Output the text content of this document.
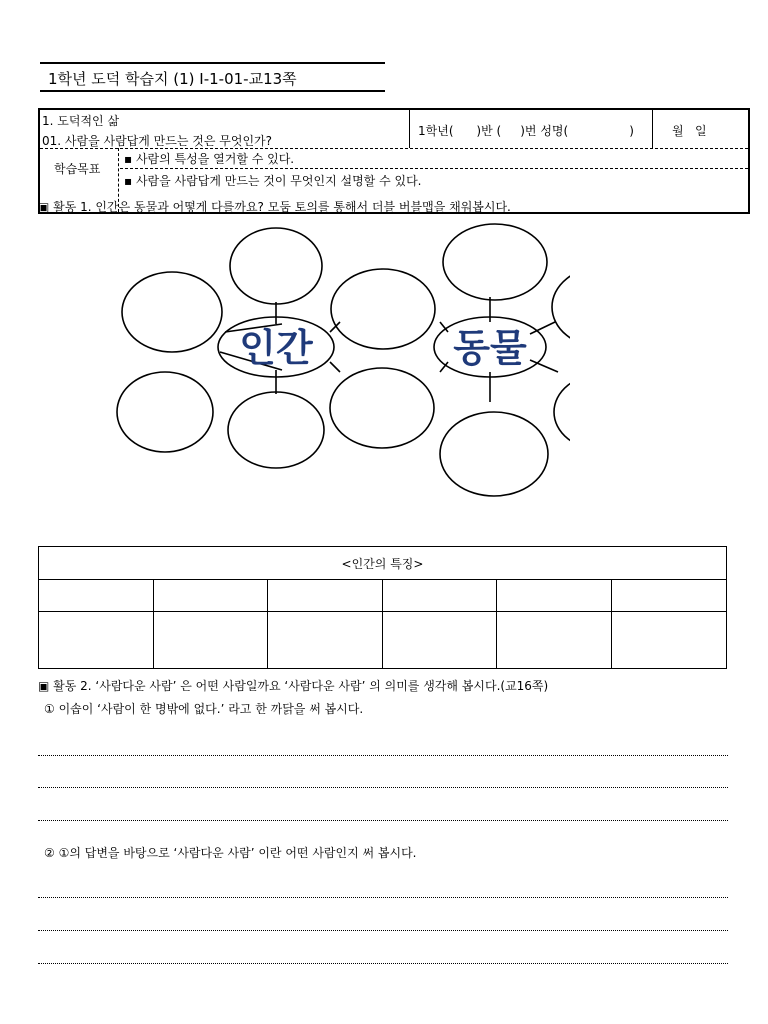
1학년 도덕 학습지 (1) Ⅰ-1-01-교13쪽
1. 도덕적인 삶
01. 사람을 사람답게 만드는 것은 무엇인가?
1학년(      )반 (     )번 성명(                )	월   일
학습목표
▪ 사람의 특성을 열거할 수 있다.
▪ 사람을 사람답게 만드는 것이 무엇인지 설명할 수 있다.
▣ 활동 1. 인간은 동물과 어떻게 다를까요? 모둠 토의를 통해서 더블 버블맵을 채워봅시다.
인간	동물
<인간의 특징>					

▣ 활동 2. ‘사람다운 사람’ 은 어떤 사람일까요 ‘사람다운 사람’ 의 의미를 생각해 봅시다.(교16쪽)
① 이솝이 ‘사람이 한 명밖에 없다.’ 라고 한 까닭을 써 봅시다.
② ①의 답변을 바탕으로 ‘사람다운 사람’ 이란 어떤 사람인지 써 봅시다.
